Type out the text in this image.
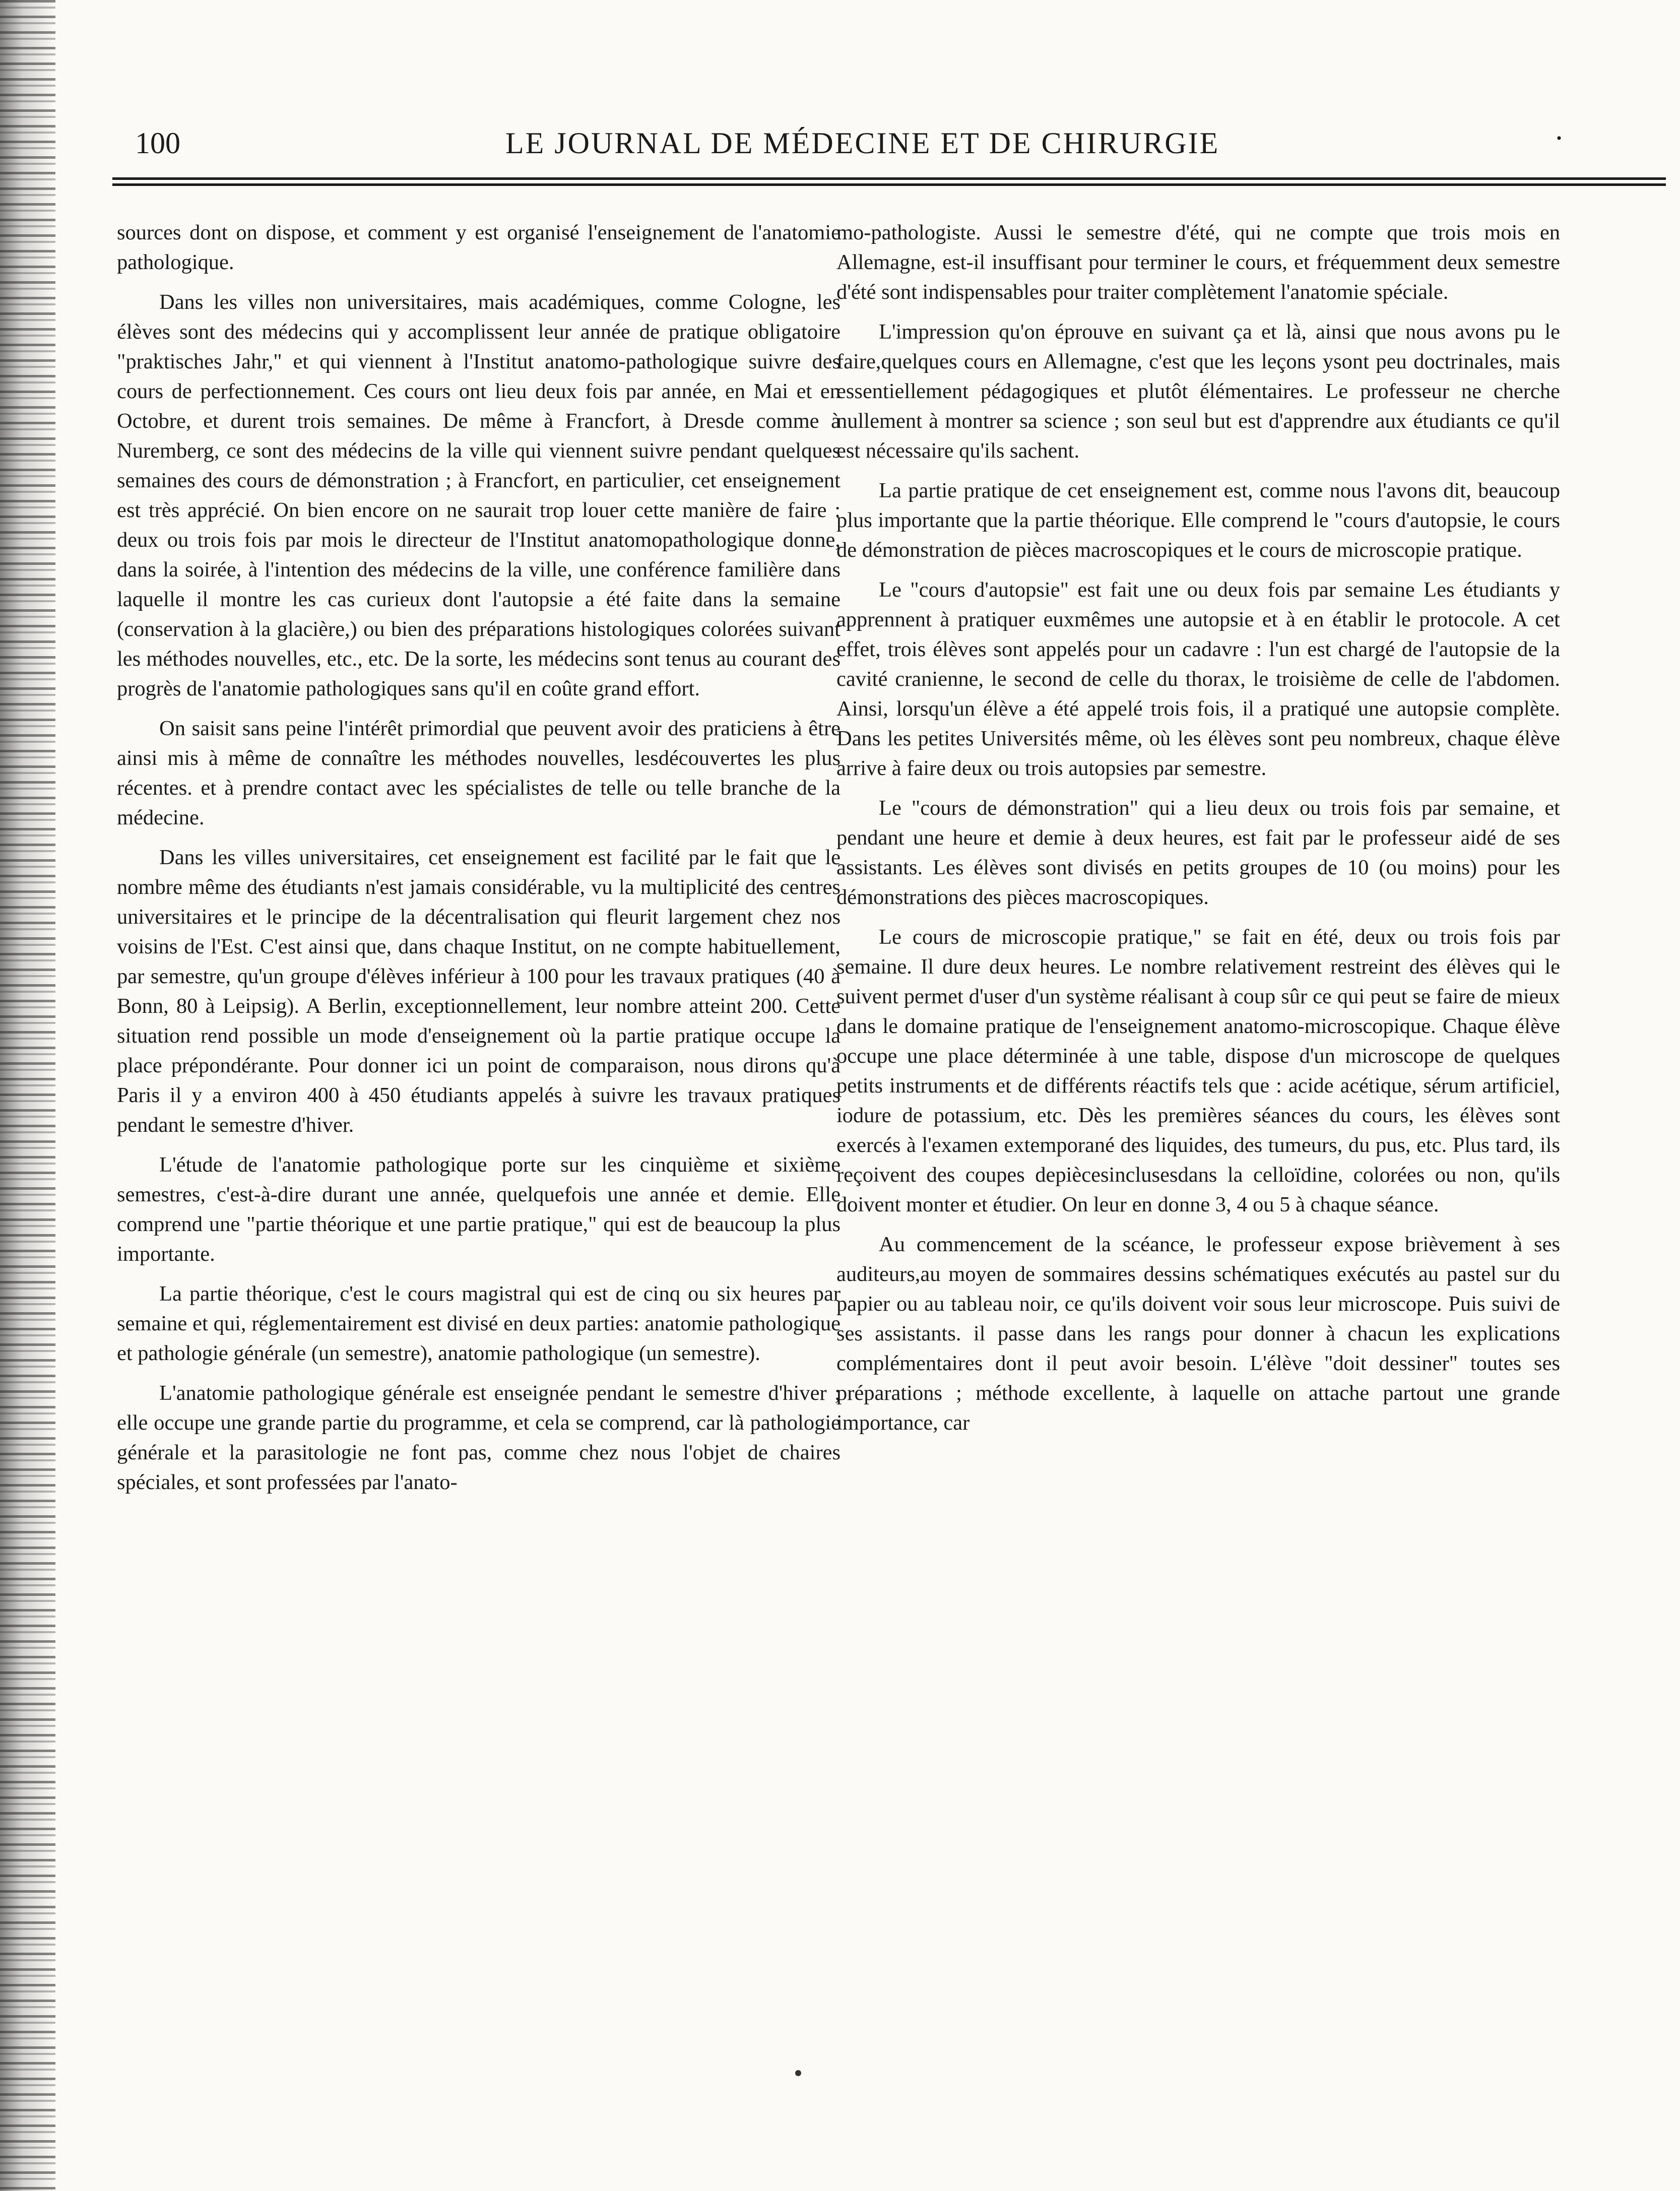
100	LE JOURNAL DE MÉDECINE ET DE CHIRURGIE	·

sources dont on dispose, et comment y est organisé l'enseignement de l'anatomie pathologique.

Dans les villes non universitaires, mais académiques, comme Cologne, les élèves sont des médecins qui y accomplissent leur année de pratique obligatoire "praktisches Jahr," et qui viennent à l'Institut anatomo-pathologique suivre des cours de perfectionnement. Ces cours ont lieu deux fois par année, en Mai et en Octobre, et durent trois semaines. De même à Francfort, à Dresde comme à Nuremberg, ce sont des médecins de la ville qui viennent suivre pendant quelques semaines des cours de démonstration ; à Francfort, en particulier, cet enseignement est très apprécié. On bien encore on ne saurait trop louer cette manière de faire : deux ou trois fois par mois le directeur de l'Institut anatomopathologique donne, dans la soirée, à l'intention des médecins de la ville, une conférence familière dans laquelle il montre les cas curieux dont l'autopsie a été faite dans la semaine (conservation à la glacière,) ou bien des préparations histologiques colorées suivant les méthodes nouvelles, etc., etc. De la sorte, les médecins sont tenus au courant des progrès de l'anatomie pathologiques sans qu'il en coûte grand effort.

On saisit sans peine l'intérêt primordial que peuvent avoir des praticiens à être ainsi mis à même de connaître les méthodes nouvelles, lesdécouvertes les plus récentes. et à prendre contact avec les spécialistes de telle ou telle branche de la médecine.

Dans les villes universitaires, cet enseignement est facilité par le fait que le nombre même des étudiants n'est jamais considérable, vu la multiplicité des centres universitaires et le principe de la décentralisation qui fleurit largement chez nos voisins de l'Est. C'est ainsi que, dans chaque Institut, on ne compte habituellement, par semestre, qu'un groupe d'élèves inférieur à 100 pour les travaux pratiques (40 à Bonn, 80 à Leipsig). A Berlin, exceptionnellement, leur nombre atteint 200. Cette situation rend possible un mode d'enseignement où la partie pratique occupe la place prépondérante. Pour donner ici un point de comparaison, nous dirons qu'à Paris il y a environ 400 à 450 étudiants appelés à suivre les travaux pratiques pendant le semestre d'hiver.

L'étude de l'anatomie pathologique porte sur les cinquième et sixième semestres, c'est-à-dire durant une année, quelquefois une année et demie. Elle comprend une "partie théorique et une partie pratique," qui est de beaucoup la plus importante.

La partie théorique, c'est le cours magistral qui est de cinq ou six heures par semaine et qui, réglementairement est divisé en deux parties: anatomie pathologique et pathologie générale (un semestre), anatomie pathologique (un semestre).

L'anatomie pathologique générale est enseignée pendant le semestre d'hiver ; elle occupe une grande partie du programme, et cela se comprend, car là pathologie générale et la parasitologie ne font pas, comme chez nous l'objet de chaires spéciales, et sont professées par l'anato-

mo-pathologiste. Aussi le semestre d'été, qui ne compte que trois mois en Allemagne, est-il insuffisant pour terminer le cours, et fréquemment deux semestre d'été sont indispensables pour traiter complètement l'anatomie spéciale.

L'impression qu'on éprouve en suivant ça et là, ainsi que nous avons pu le faire,quelques cours en Allemagne, c'est que les leçons ysont peu doctrinales, mais essentiellement pédagogiques et plutôt élémentaires. Le professeur ne cherche nullement à montrer sa science ; son seul but est d'apprendre aux étudiants ce qu'il est nécessaire qu'ils sachent.

La partie pratique de cet enseignement est, comme nous l'avons dit, beaucoup plus importante que la partie théorique. Elle comprend le "cours d'autopsie, le cours de démonstration de pièces macroscopiques et le cours de microscopie pratique.

Le "cours d'autopsie" est fait une ou deux fois par semaine Les étudiants y apprennent à pratiquer euxmêmes une autopsie et à en établir le protocole. A cet effet, trois élèves sont appelés pour un cadavre : l'un est chargé de l'autopsie de la cavité cranienne, le second de celle du thorax, le troisième de celle de l'abdomen. Ainsi, lorsqu'un élève a été appelé trois fois, il a pratiqué une autopsie complète. Dans les petites Universités même, où les élèves sont peu nombreux, chaque élève arrive à faire deux ou trois autopsies par semestre.

Le "cours de démonstration" qui a lieu deux ou trois fois par semaine, et pendant une heure et demie à deux heures, est fait par le professeur aidé de ses assistants. Les élèves sont divisés en petits groupes de 10 (ou moins) pour les démonstrations des pièces macroscopiques.

Le cours de microscopie pratique," se fait en été, deux ou trois fois par semaine. Il dure deux heures. Le nombre relativement restreint des élèves qui le suivent permet d'user d'un système réalisant à coup sûr ce qui peut se faire de mieux dans le domaine pratique de l'enseignement anatomo-microscopique. Chaque élève occupe une place déterminée à une table, dispose d'un microscope de quelques petits instruments et de différents réactifs tels que : acide acétique, sérum artificiel, iodure de potassium, etc. Dès les premières séances du cours, les élèves sont exercés à l'examen extemporané des liquides, des tumeurs, du pus, etc. Plus tard, ils reçoivent des coupes depiècesinclusesdans la celloïdine, colorées ou non, qu'ils doivent monter et étudier. On leur en donne 3, 4 ou 5 à chaque séance.

Au commencement de la scéance, le professeur expose brièvement à ses auditeurs,au moyen de sommaires dessins schématiques exécutés au pastel sur du papier ou au tableau noir, ce qu'ils doivent voir sous leur microscope. Puis suivi de ses assistants. il passe dans les rangs pour donner à chacun les explications complémentaires dont il peut avoir besoin. L'élève "doit dessiner" toutes ses préparations ; méthode excellente, à laquelle on attache partout une grande importance, car
